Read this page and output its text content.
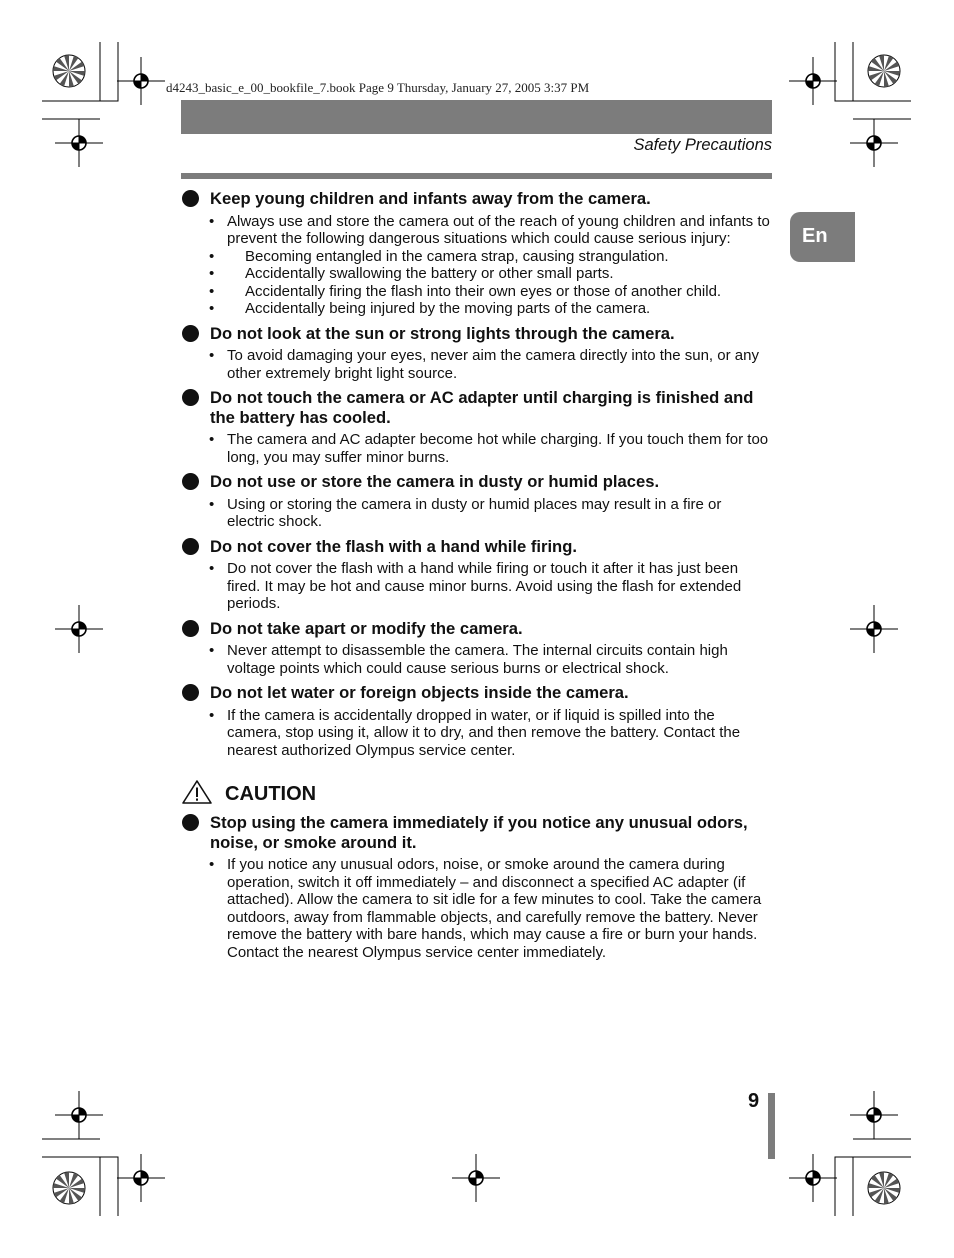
d4243_basic_e_00_bookfile_7.book Page 9 Thursday, January 27, 2005 3:37 PM
Safety Precautions
En
Keep young children and infants away from the camera.
• Always use and store the camera out of the reach of young children and infants to prevent the following dangerous situations which could cause serious injury:
• Becoming entangled in the camera strap, causing strangulation.
• Accidentally swallowing the battery or other small parts.
• Accidentally firing the flash into their own eyes or those of another child.
• Accidentally being injured by the moving parts of the camera.
Do not look at the sun or strong lights through the camera.
• To avoid damaging your eyes, never aim the camera directly into the sun, or any other extremely bright light source.
Do not touch the camera or AC adapter until charging is finished and the battery has cooled.
• The camera and AC adapter become hot while charging. If you touch them for too long, you may suffer minor burns.
Do not use or store the camera in dusty or humid places.
• Using or storing the camera in dusty or humid places may result in a fire or electric shock.
Do not cover the flash with a hand while firing.
• Do not cover the flash with a hand while firing or touch it after it has just been fired. It may be hot and cause minor burns. Avoid using the flash for extended periods.
Do not take apart or modify the camera.
• Never attempt to disassemble the camera. The internal circuits contain high voltage points which could cause serious burns or electrical shock.
Do not let water or foreign objects inside the camera.
• If the camera is accidentally dropped in water, or if liquid is spilled into the camera, stop using it, allow it to dry, and then remove the battery. Contact the nearest authorized Olympus service center.
CAUTION
Stop using the camera immediately if you notice any unusual odors, noise, or smoke around it.
• If you notice any unusual odors, noise, or smoke around the camera during operation, switch it off immediately – and disconnect a specified AC adapter (if attached). Allow the camera to sit idle for a few minutes to cool. Take the camera outdoors, away from flammable objects, and carefully remove the battery. Never remove the battery with bare hands, which may cause a fire or burn your hands. Contact the nearest Olympus service center immediately.
9
